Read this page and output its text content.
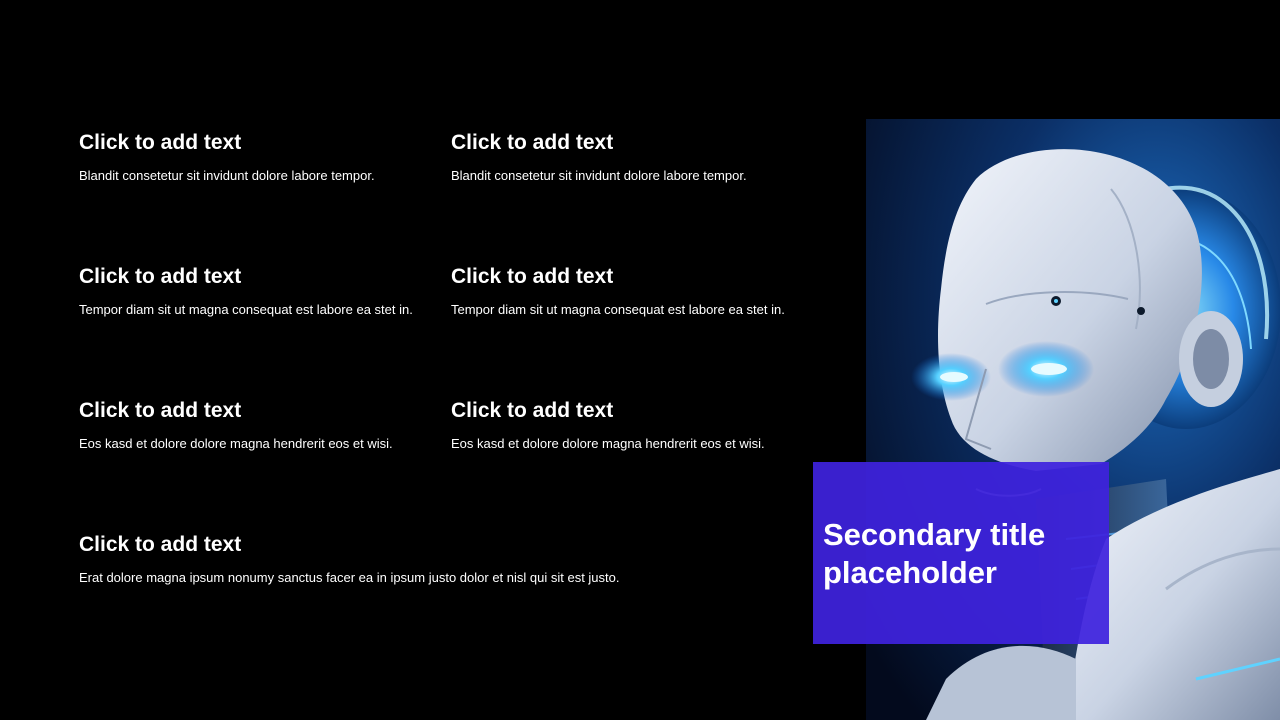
Click to add text

Blandit consetetur sit invidunt dolore labore tempor.

Click to add text

Blandit consetetur sit invidunt dolore labore tempor.

Click to add text

Tempor diam sit ut magna consequat est labore ea stet in.

Click to add text

Tempor diam sit ut magna consequat est labore ea stet in.

Click to add text

Eos kasd et dolore dolore magna hendrerit eos et wisi.

Click to add text

Eos kasd et dolore dolore magna hendrerit eos et wisi.

Click to add text

Erat dolore magna ipsum nonumy sanctus facer ea in ipsum justo dolor et nisl qui sit est justo.

Secondary title placeholder
